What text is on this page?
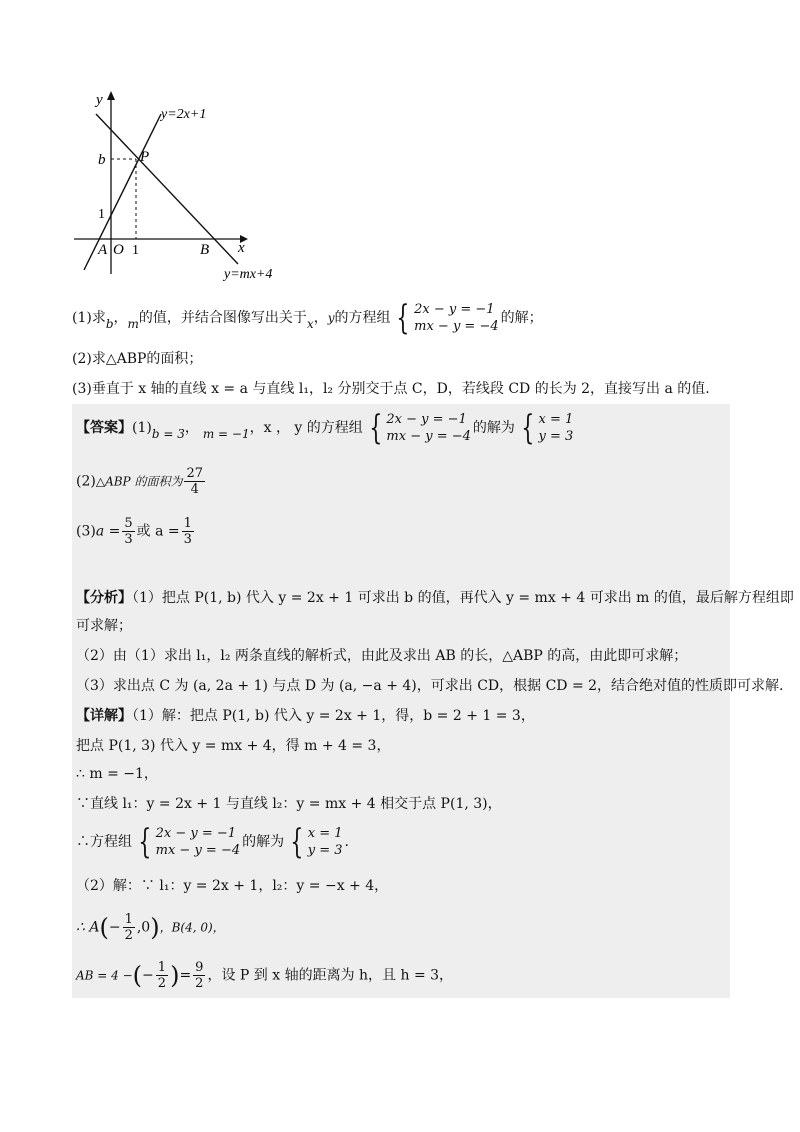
y
y=2x+1
b P
1
A O 1	B x
y=mx+4
(1)求b，m的值，并结合图像写出关于x，y的方程组 { 2x − y = −1
mx − y = −4
的解；
(2)求△ABP的面积；
(3)垂直于 x 轴的直线 x = a 与直线 l₁，l₂ 分别交于点 C，D，若线段 CD 的长为 2，直接写出 a 的值.
【答案】(1)b = 3， m = −1，x ， y 的方程组 { 2x − y = −1
mx − y = −4
的解为 { x = 1
y = 3
(2)△ABP 的面积为 $\frac{27}{4}$
$(3)a = \frac{5}{3}$ 或 $a = \frac{1}{3}$
【分析】（1）把点 P(1, b) 代入 y = 2x + 1 可求出 b 的值，再代入 y = mx + 4 可求出 m 的值，最后解方程组即
可求解；
（2）由（1）求出 l₁，l₂ 两条直线的解析式，由此及求出 AB 的长，△ABP 的高，由此即可求解；
（3）求出点 C 为 (a, 2a + 1) 与点 D 为 (a, −a + 4)，可求出 CD，根据 CD = 2，结合绝对值的性质即可求解.
【详解】（1）解：把点 P(1, b) 代入 y = 2x + 1，得，b = 2 + 1 = 3，
把点 P(1, 3) 代入 y = mx + 4，得 m + 4 = 3，
∴ m = −1，
∵直线 l₁：y = 2x + 1 与直线 l₂：y = mx + 4 相交于点 P(1, 3)，
∴方程组 { 2x − y = −1
mx − y = −4
的解为 { x = 1
y = 3
.
（2）解：∵ l₁：y = 2x + 1，l₂：y = −x + 4，
∴ $A(- \frac{1}{2} ,0)$，B(4, 0)，
AB = 4 −(− $\frac{1}{2}$ )= $\frac{9}{2}$ ，设 P 到 x 轴的距离为 h，且 h = 3，
